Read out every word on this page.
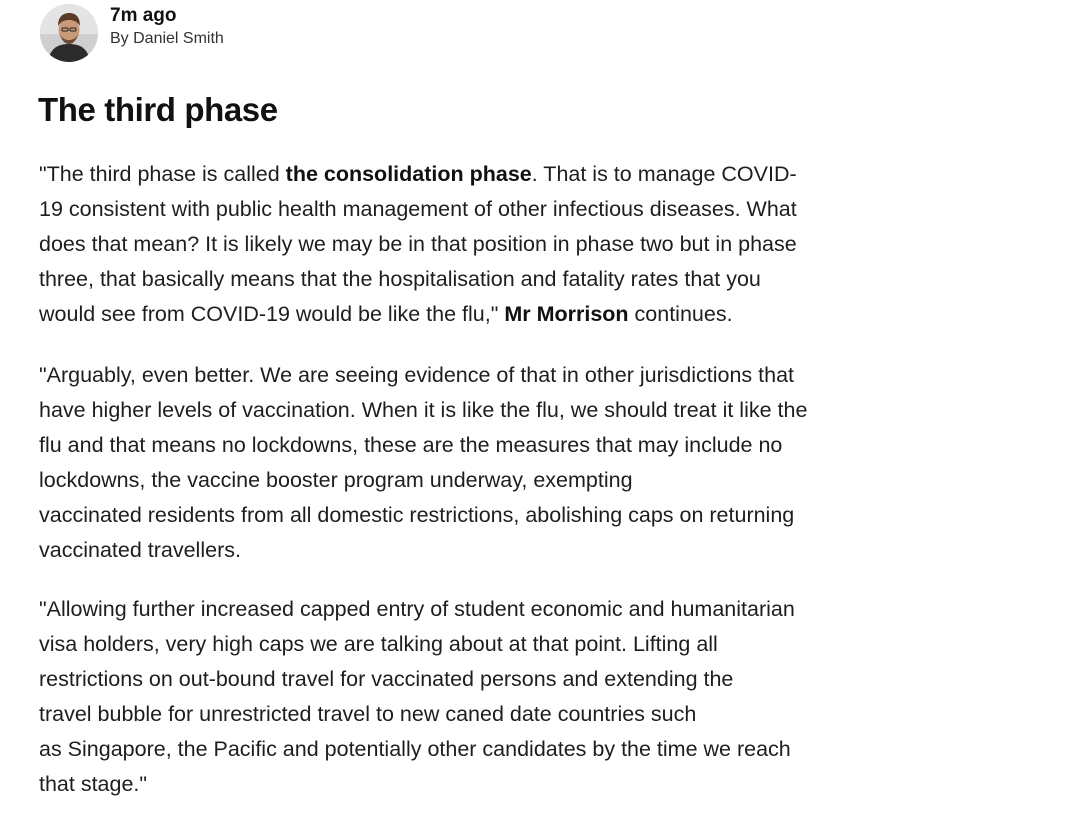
7m ago
By Daniel Smith
The third phase

"The third phase is called the consolidation phase. That is to manage COVID-
19 consistent with public health management of other infectious diseases. What
does that mean? It is likely we may be in that position in phase two but in phase
three, that basically means that the hospitalisation and fatality rates that you
would see from COVID-19 would be like the flu," Mr Morrison continues.

"Arguably, even better. We are seeing evidence of that in other jurisdictions that
have higher levels of vaccination. When it is like the flu, we should treat it like the
flu and that means no lockdowns, these are the measures that may include no
lockdowns, the vaccine booster program underway, exempting
vaccinated residents from all domestic restrictions, abolishing caps on returning
vaccinated travellers.

"Allowing further increased capped entry of student economic and humanitarian
visa holders, very high caps we are talking about at that point. Lifting all
restrictions on out-bound travel for vaccinated persons and extending the
travel bubble for unrestricted travel to new caned date countries such
as Singapore, the Pacific and potentially other candidates by the time we reach
that stage."
